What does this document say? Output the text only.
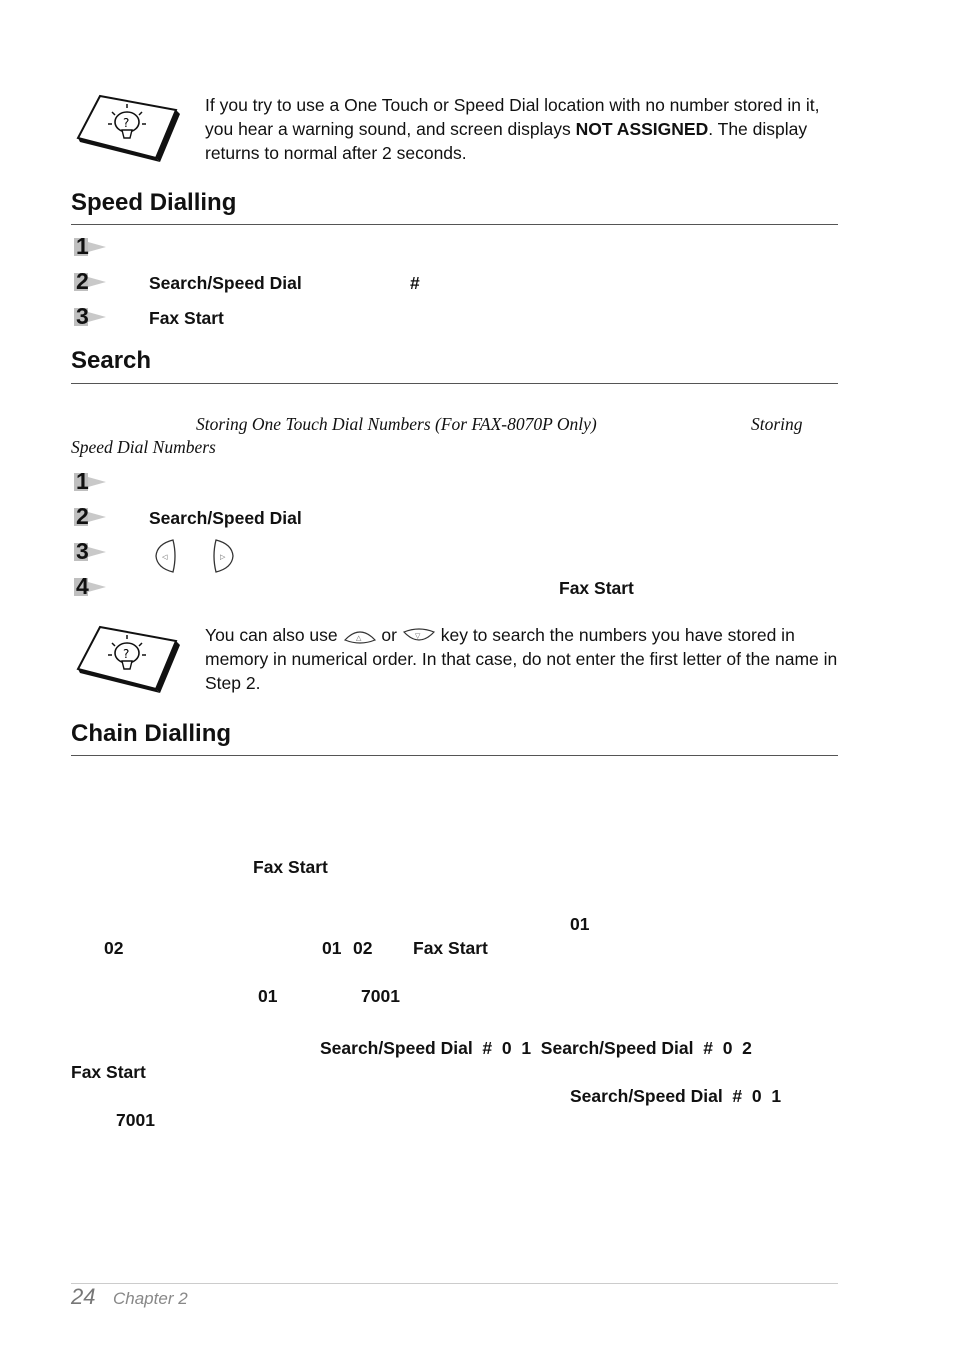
?
If you try to use a One Touch or Speed Dial location with no number stored in it,
you hear a warning sound, and screen displays NOT ASSIGNED. The display
returns to normal after 2 seconds.
Speed Dialling
1
2	Search/Speed Dial	#
3	Fax Start
Search
Storing One Touch Dial Numbers (For FAX-8070P Only)	Storing
Speed Dial Numbers
1
2	Search/Speed Dial
3	◁	▷
4	Fax Start
?
You can also use	△ or	▽ key to search the numbers you have stored in
memory in numerical order. In that case, do not enter the first letter of the name in
Step 2.
Chain Dialling
Fax Start
01
02	01 02 Fax Start
01	7001
Search/Speed Dial  #  0  1  Search/Speed Dial  #  0  2
Fax Start
Search/Speed Dial  #  0  1
7001
24 Chapter 2
